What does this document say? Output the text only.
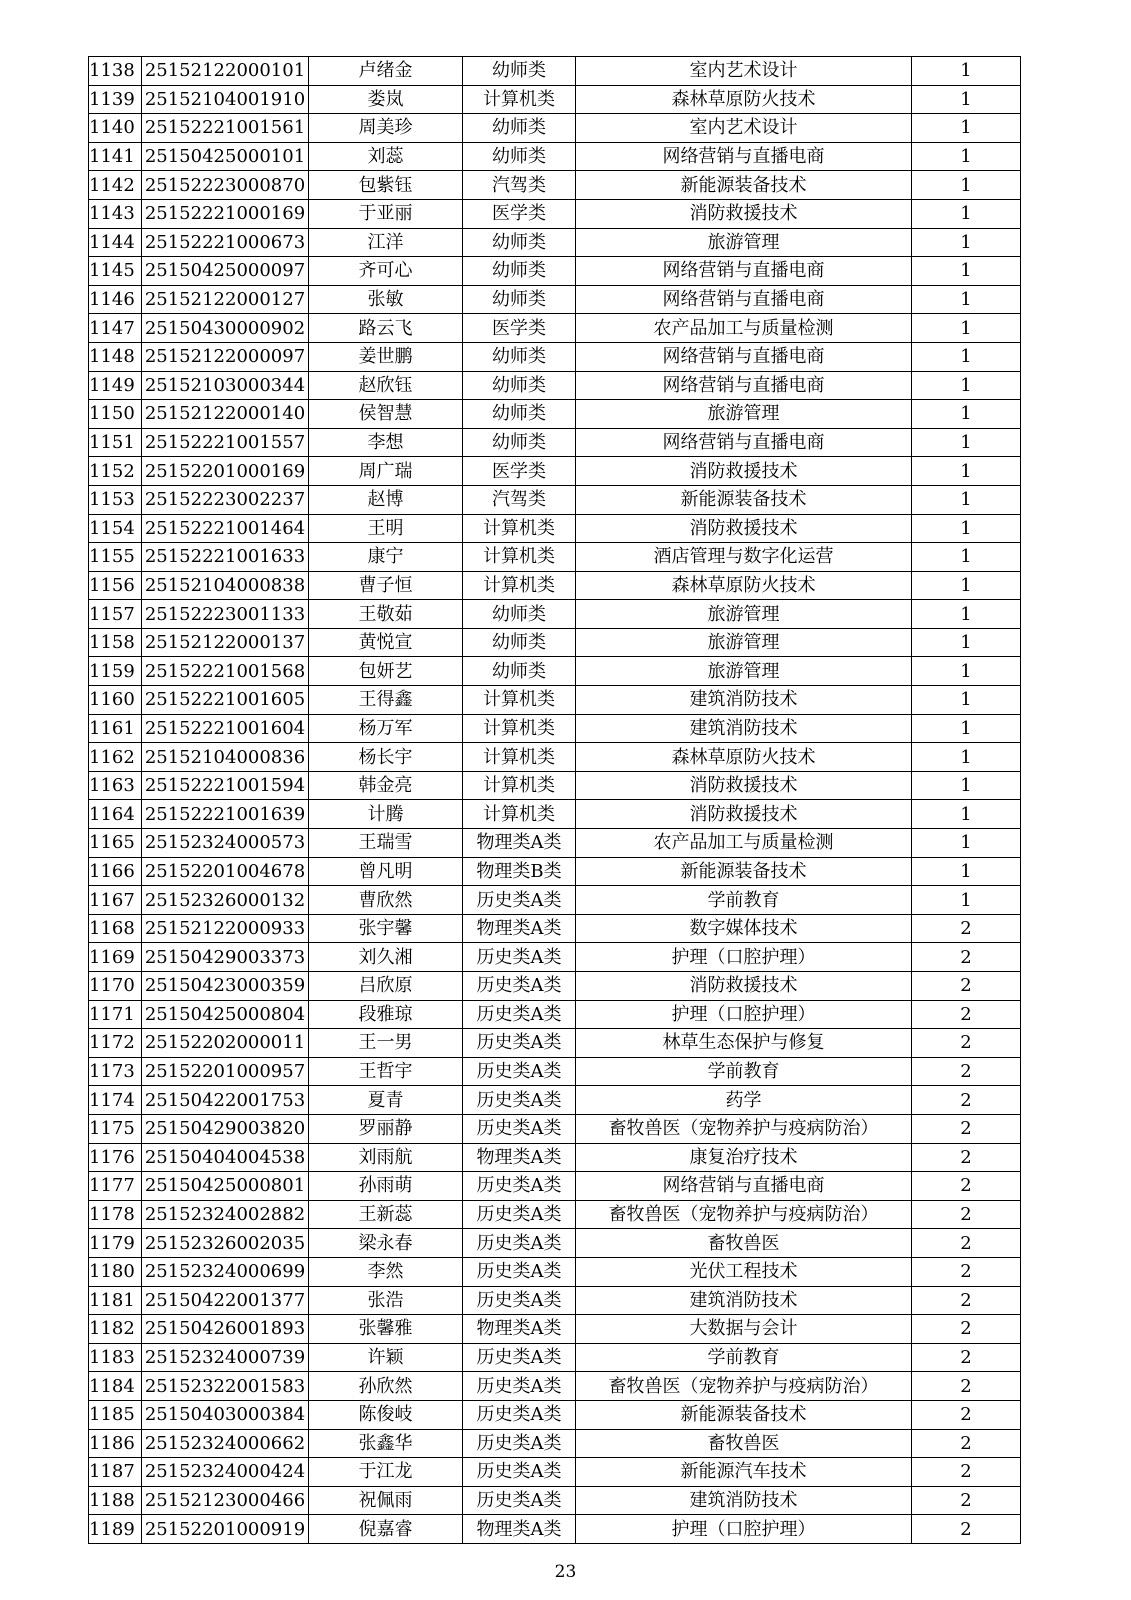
1138	25152122000101	卢绪金	幼师类	室内艺术设计	1
1139	25152104001910	娄岚	计算机类	森林草原防火技术	1
1140	25152221001561	周美珍	幼师类	室内艺术设计	1
1141	25150425000101	刘蕊	幼师类	网络营销与直播电商	1
1142	25152223000870	包紫钰	汽驾类	新能源装备技术	1
1143	25152221000169	于亚丽	医学类	消防救援技术	1
1144	25152221000673	江洋	幼师类	旅游管理	1
1145	25150425000097	齐可心	幼师类	网络营销与直播电商	1
1146	25152122000127	张敏	幼师类	网络营销与直播电商	1
1147	25150430000902	路云飞	医学类	农产品加工与质量检测	1
1148	25152122000097	姜世鹏	幼师类	网络营销与直播电商	1
1149	25152103000344	赵欣钰	幼师类	网络营销与直播电商	1
1150	25152122000140	侯智慧	幼师类	旅游管理	1
1151	25152221001557	李想	幼师类	网络营销与直播电商	1
1152	25152201000169	周广瑞	医学类	消防救援技术	1
1153	25152223002237	赵博	汽驾类	新能源装备技术	1
1154	25152221001464	王明	计算机类	消防救援技术	1
1155	25152221001633	康宁	计算机类	酒店管理与数字化运营	1
1156	25152104000838	曹子恒	计算机类	森林草原防火技术	1
1157	25152223001133	王敬茹	幼师类	旅游管理	1
1158	25152122000137	黄悦宣	幼师类	旅游管理	1
1159	25152221001568	包妍艺	幼师类	旅游管理	1
1160	25152221001605	王得鑫	计算机类	建筑消防技术	1
1161	25152221001604	杨万军	计算机类	建筑消防技术	1
1162	25152104000836	杨长宇	计算机类	森林草原防火技术	1
1163	25152221001594	韩金亮	计算机类	消防救援技术	1
1164	25152221001639	计腾	计算机类	消防救援技术	1
1165	25152324000573	王瑞雪	物理类A类	农产品加工与质量检测	1
1166	25152201004678	曾凡明	物理类B类	新能源装备技术	1
1167	25152326000132	曹欣然	历史类A类	学前教育	1
1168	25152122000933	张宇馨	物理类A类	数字媒体技术	2
1169	25150429003373	刘久湘	历史类A类	护理（口腔护理）	2
1170	25150423000359	吕欣原	历史类A类	消防救援技术	2
1171	25150425000804	段雅琼	历史类A类	护理（口腔护理）	2
1172	25152202000011	王一男	历史类A类	林草生态保护与修复	2
1173	25152201000957	王哲宇	历史类A类	学前教育	2
1174	25150422001753	夏青	历史类A类	药学	2
1175	25150429003820	罗丽静	历史类A类	畜牧兽医（宠物养护与疫病防治）	2
1176	25150404004538	刘雨航	物理类A类	康复治疗技术	2
1177	25150425000801	孙雨萌	历史类A类	网络营销与直播电商	2
1178	25152324002882	王新蕊	历史类A类	畜牧兽医（宠物养护与疫病防治）	2
1179	25152326002035	梁永春	历史类A类	畜牧兽医	2
1180	25152324000699	李然	历史类A类	光伏工程技术	2
1181	25150422001377	张浩	历史类A类	建筑消防技术	2
1182	25150426001893	张馨雅	物理类A类	大数据与会计	2
1183	25152324000739	许颖	历史类A类	学前教育	2
1184	25152322001583	孙欣然	历史类A类	畜牧兽医（宠物养护与疫病防治）	2
1185	25150403000384	陈俊岐	历史类A类	新能源装备技术	2
1186	25152324000662	张鑫华	历史类A类	畜牧兽医	2
1187	25152324000424	于江龙	历史类A类	新能源汽车技术	2
1188	25152123000466	祝佩雨	历史类A类	建筑消防技术	2
1189	25152201000919	倪嘉睿	物理类A类	护理（口腔护理）	2
23
